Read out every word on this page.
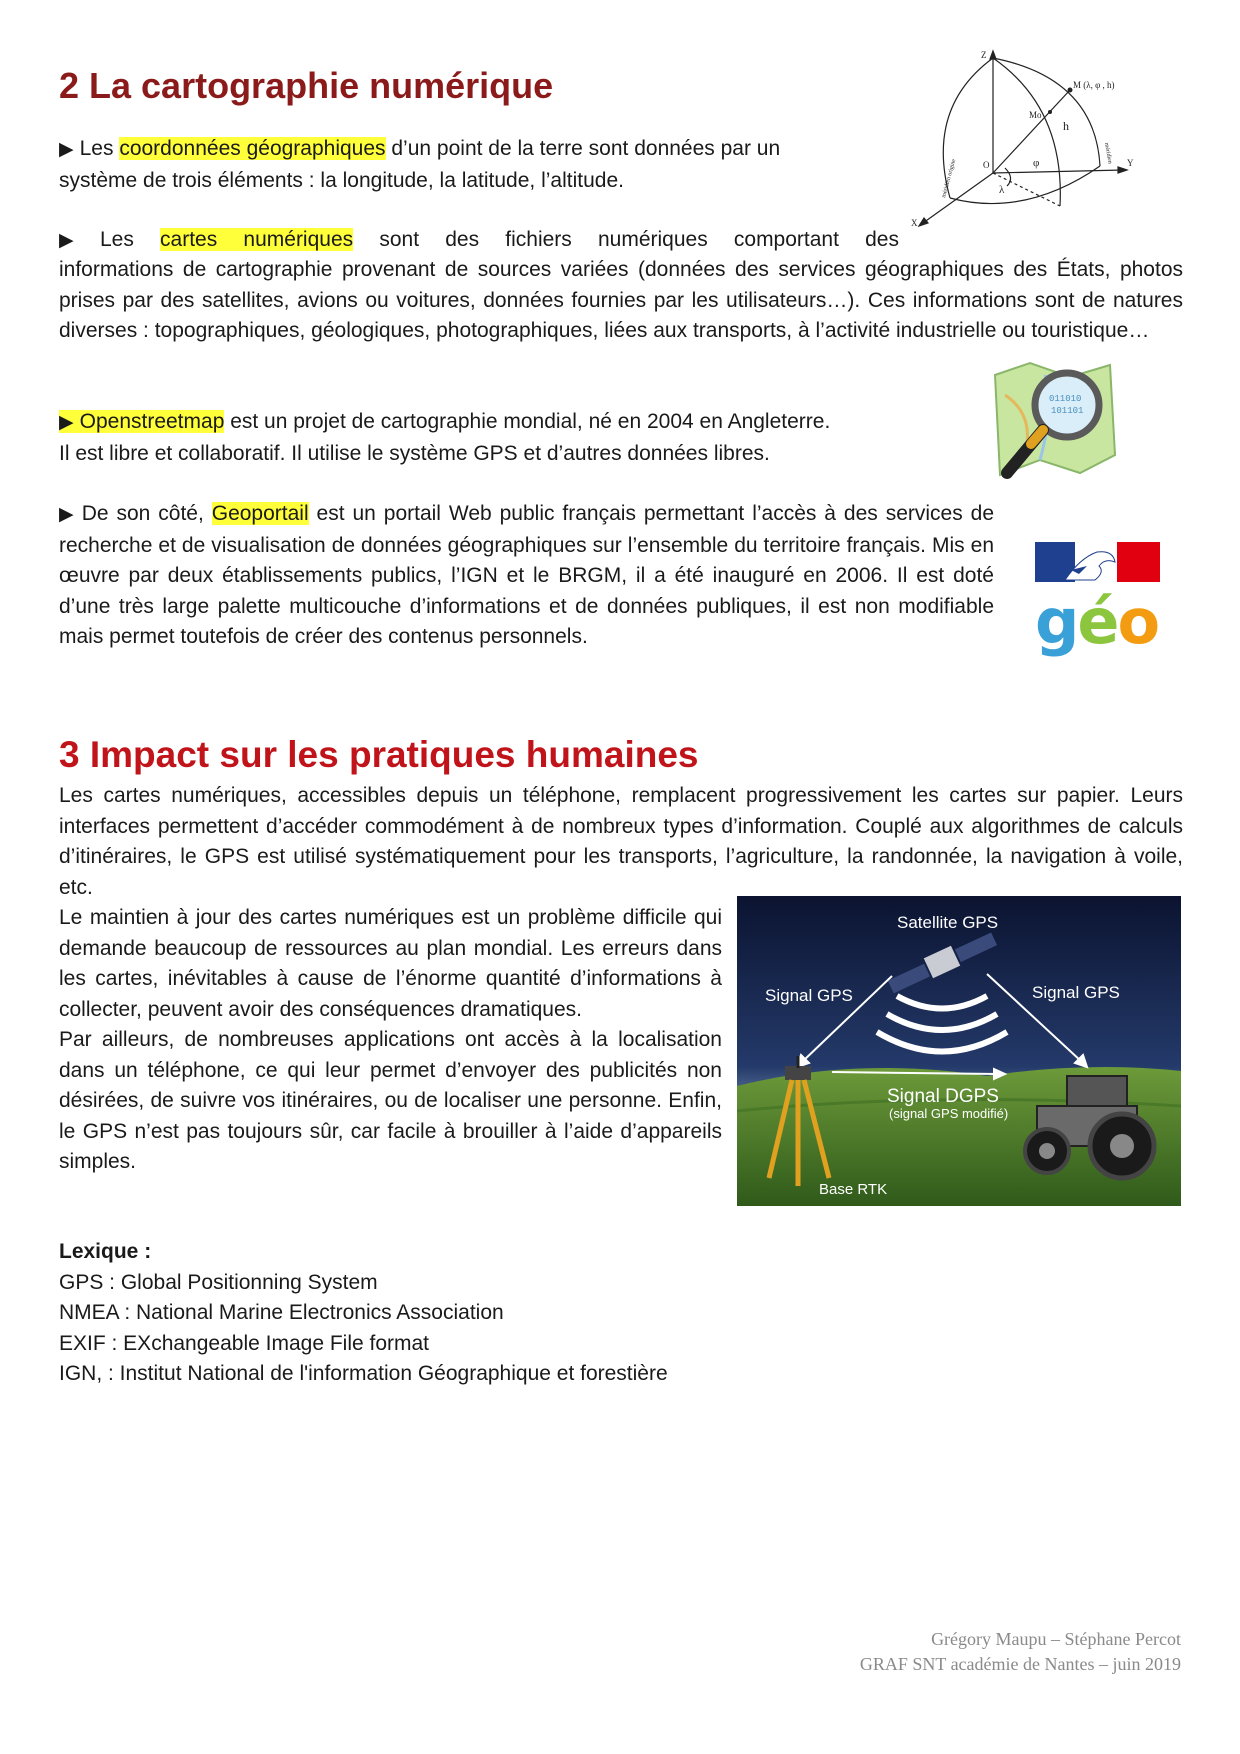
2 La cartographie numérique
Z
Y
X
M (λ, φ , h)
Mo
h
O
λ
φ
méridien origine
méridien

▶ Les coordonnées géographiques d’un point de la terre sont données par un système de trois éléments : la longitude, la latitude, l’altitude.

▶ Les cartes numériques sont des fichiers numériques comportant des

informations de cartographie provenant de sources variées (données des services géographiques des États, photos prises par des satellites, avions ou voitures, données fournies par les utilisateurs…). Ces informations sont de natures diverses : topographiques, géologiques, photographiques, liées aux transports, à l’activité industrielle ou touristique…
011010
101101

▶ Openstreetmap est un projet de cartographie mondial, né en 2004 en Angleterre.
Il est libre et collaboratif. Il utilise le système GPS et d’autres données libres.

▶ De son côté, Geoportail est un portail Web public français permettant l’accès à des services de recherche et de visualisation de données géographiques sur l’ensemble du territoire français. Mis en œuvre par deux établissements publics, l’IGN et le BRGM, il a été inauguré en 2006. Il est doté d’une très large palette multicouche d’informations et de données publiques, il est non modifiable mais permet toutefois de créer des contenus personnels.	géo
3 Impact sur les pratiques humaines

Les cartes numériques, accessibles depuis un téléphone, remplacent progressivement les cartes sur papier. Leurs interfaces permettent d’accéder commodément à de nombreux types d’information. Couplé aux algorithmes de calculs d’itinéraires, le GPS est utilisé systématiquement pour les transports, l’agriculture, la randonnée, la navigation à voile, etc.

Le maintien à jour des cartes numériques est un problème difficile qui demande beaucoup de ressources au plan mondial. Les erreurs dans les cartes, inévitables à cause de l’énorme quantité d’informations à collecter, peuvent avoir des conséquences dramatiques.

Par ailleurs, de nombreuses applications ont accès à la localisation dans un téléphone, ce qui leur permet d’envoyer des publicités non désirées, de suivre vos itinéraires, ou de localiser une personne. Enfin, le GPS n’est pas toujours sûr, car facile à brouiller à l’aide d’appareils simples.

Satellite GPS
Signal GPS	Signal GPS
Signal DGPS
(signal GPS modifié)
Base RTK

Lexique :

GPS : Global Positionning System

NMEA : National Marine Electronics Association

EXIF : EXchangeable Image File format

IGN, : Institut National de l'information Géographique et forestière

Grégory Maupu – Stéphane Percot
GRAF SNT académie de Nantes – juin 2019
